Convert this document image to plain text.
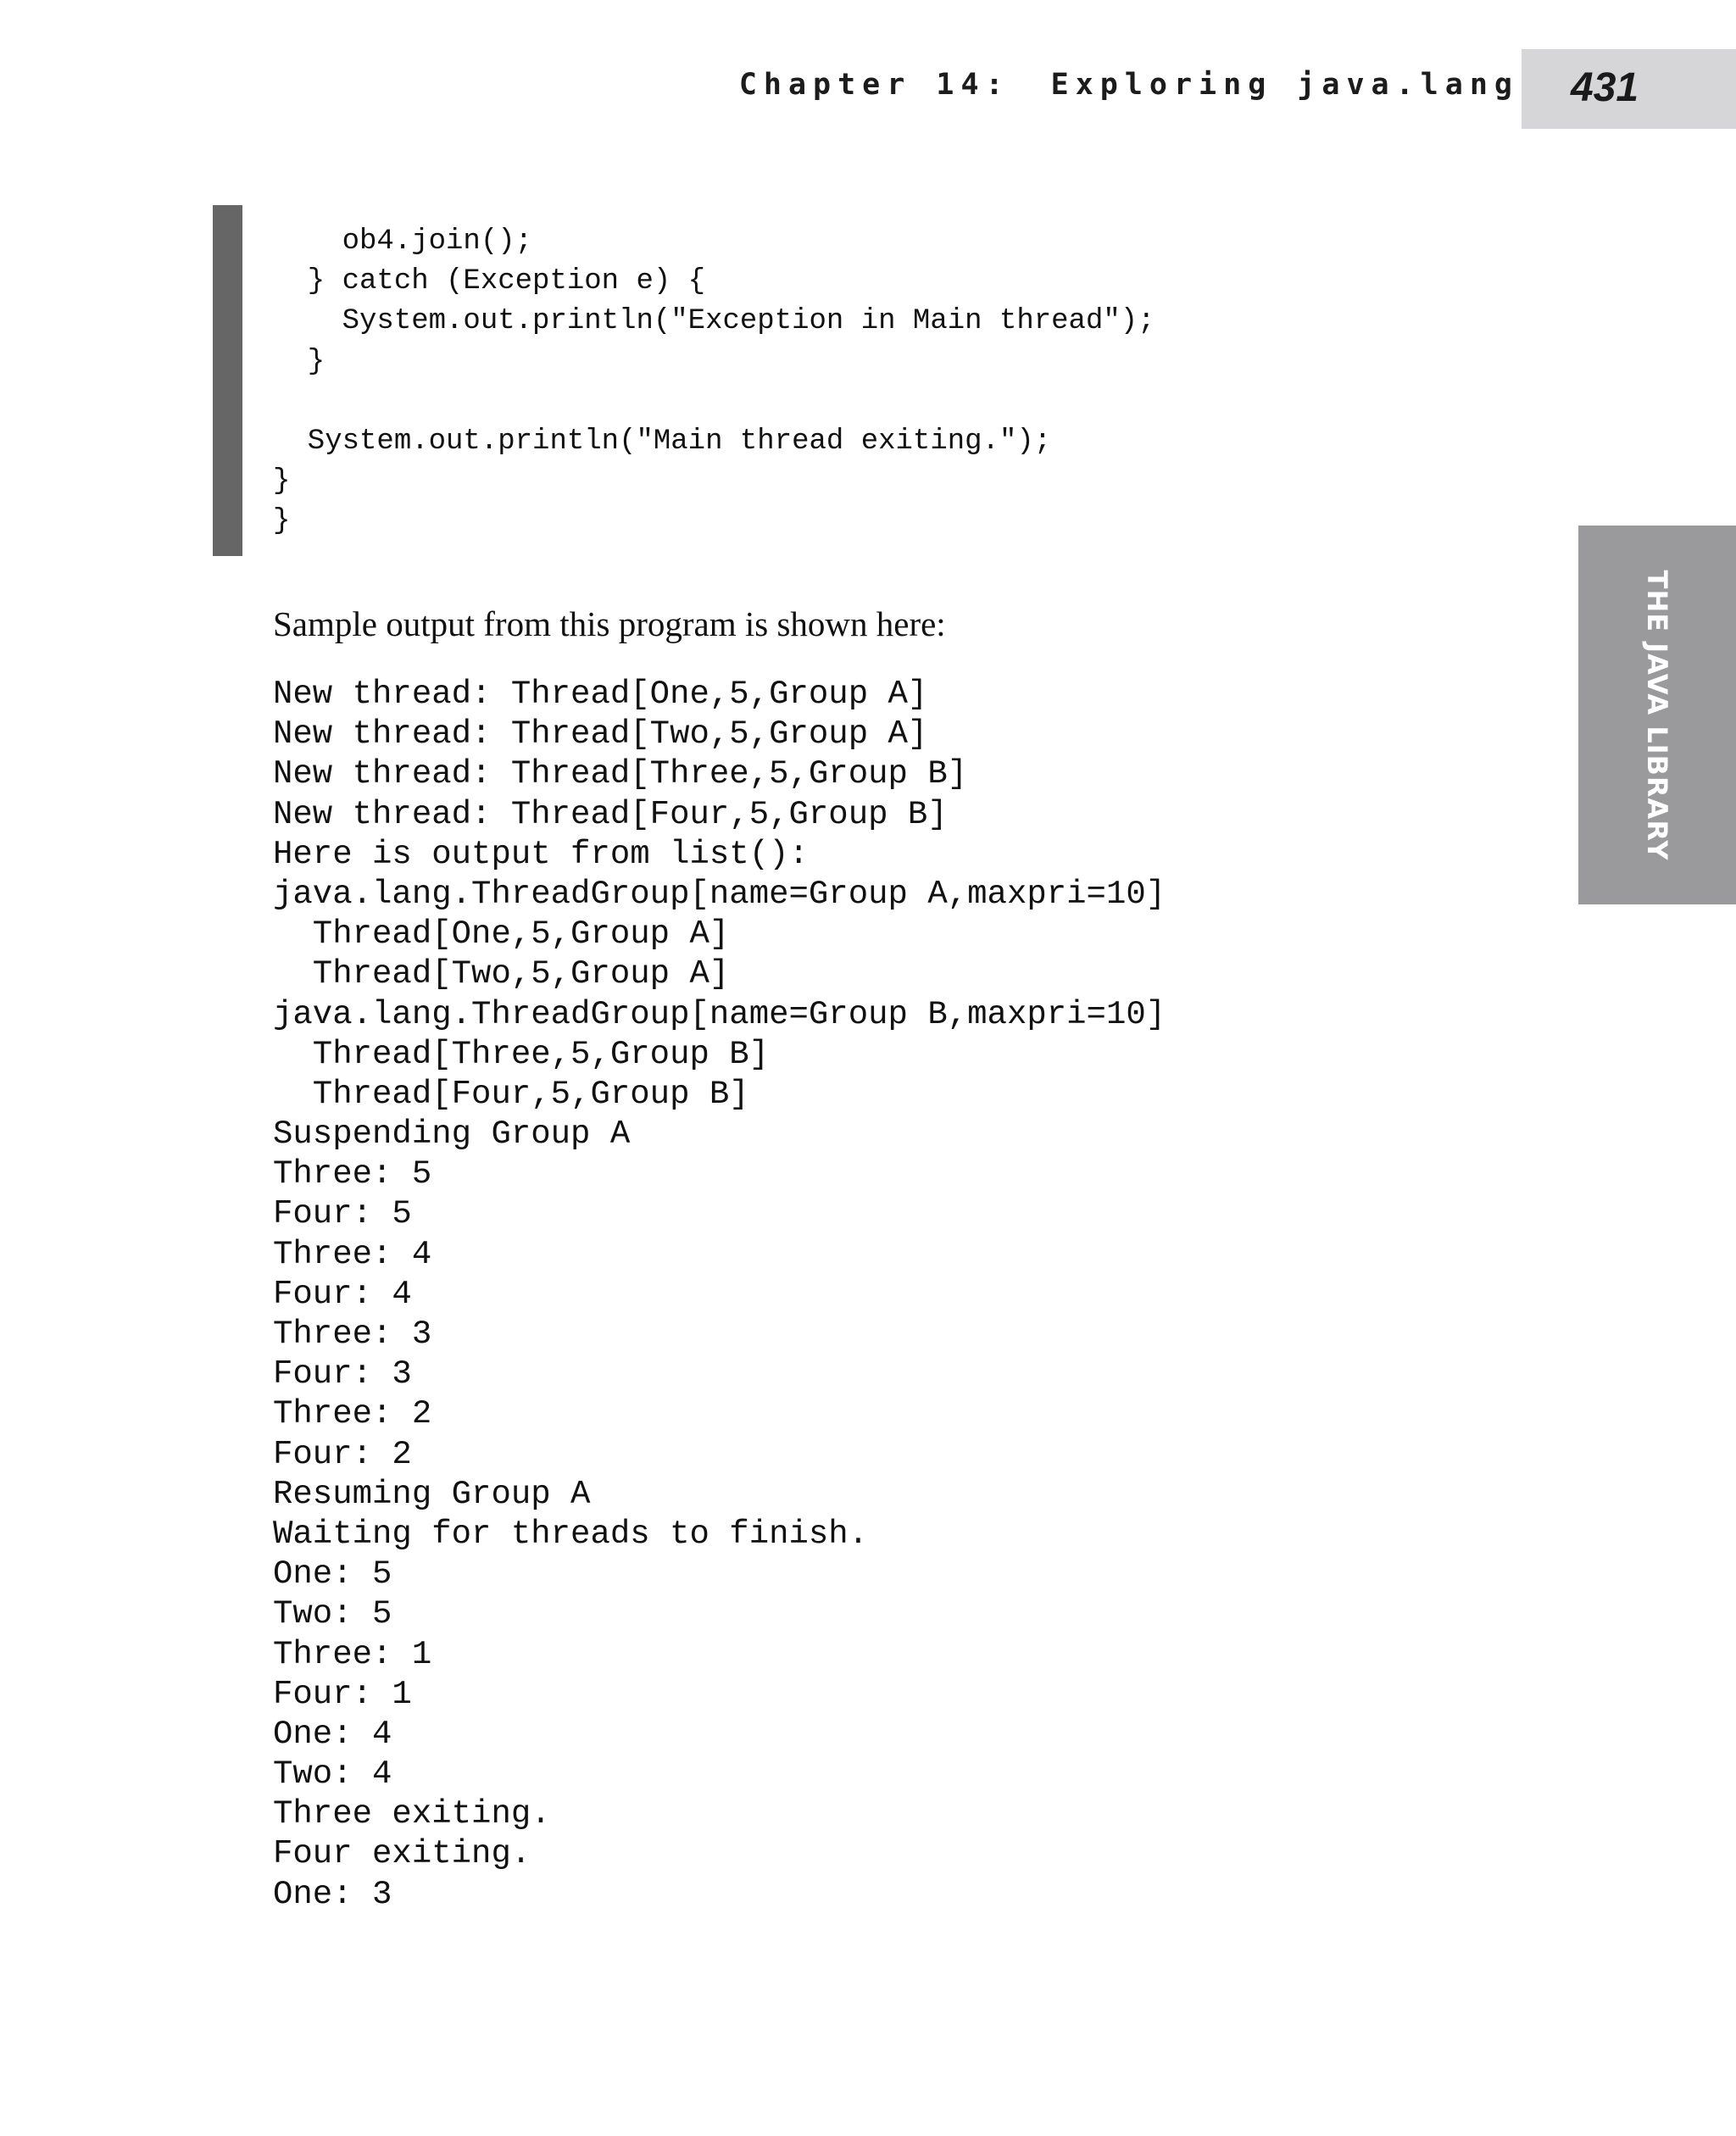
Chapter 14: Exploring java.lang 431
THE JAVA LIBRARY
ob4.join();
} catch (Exception e) {
System.out.println("Exception in Main thread");
}
System.out.println("Main thread exiting.");
}
}

Sample output from this program is shown here:

New thread: Thread[One,5,Group A]
New thread: Thread[Two,5,Group A]
New thread: Thread[Three,5,Group B]
New thread: Thread[Four,5,Group B]
Here is output from list():
java.lang.ThreadGroup[name=Group A,maxpri=10]
Thread[One,5,Group A]
Thread[Two,5,Group A]
java.lang.ThreadGroup[name=Group B,maxpri=10]
Thread[Three,5,Group B]
Thread[Four,5,Group B]
Suspending Group A
Three: 5
Four: 5
Three: 4
Four: 4
Three: 3
Four: 3
Three: 2
Four: 2
Resuming Group A
Waiting for threads to finish.
One: 5
Two: 5
Three: 1
Four: 1
One: 4
Two: 4
Three exiting.
Four exiting.
One: 3
